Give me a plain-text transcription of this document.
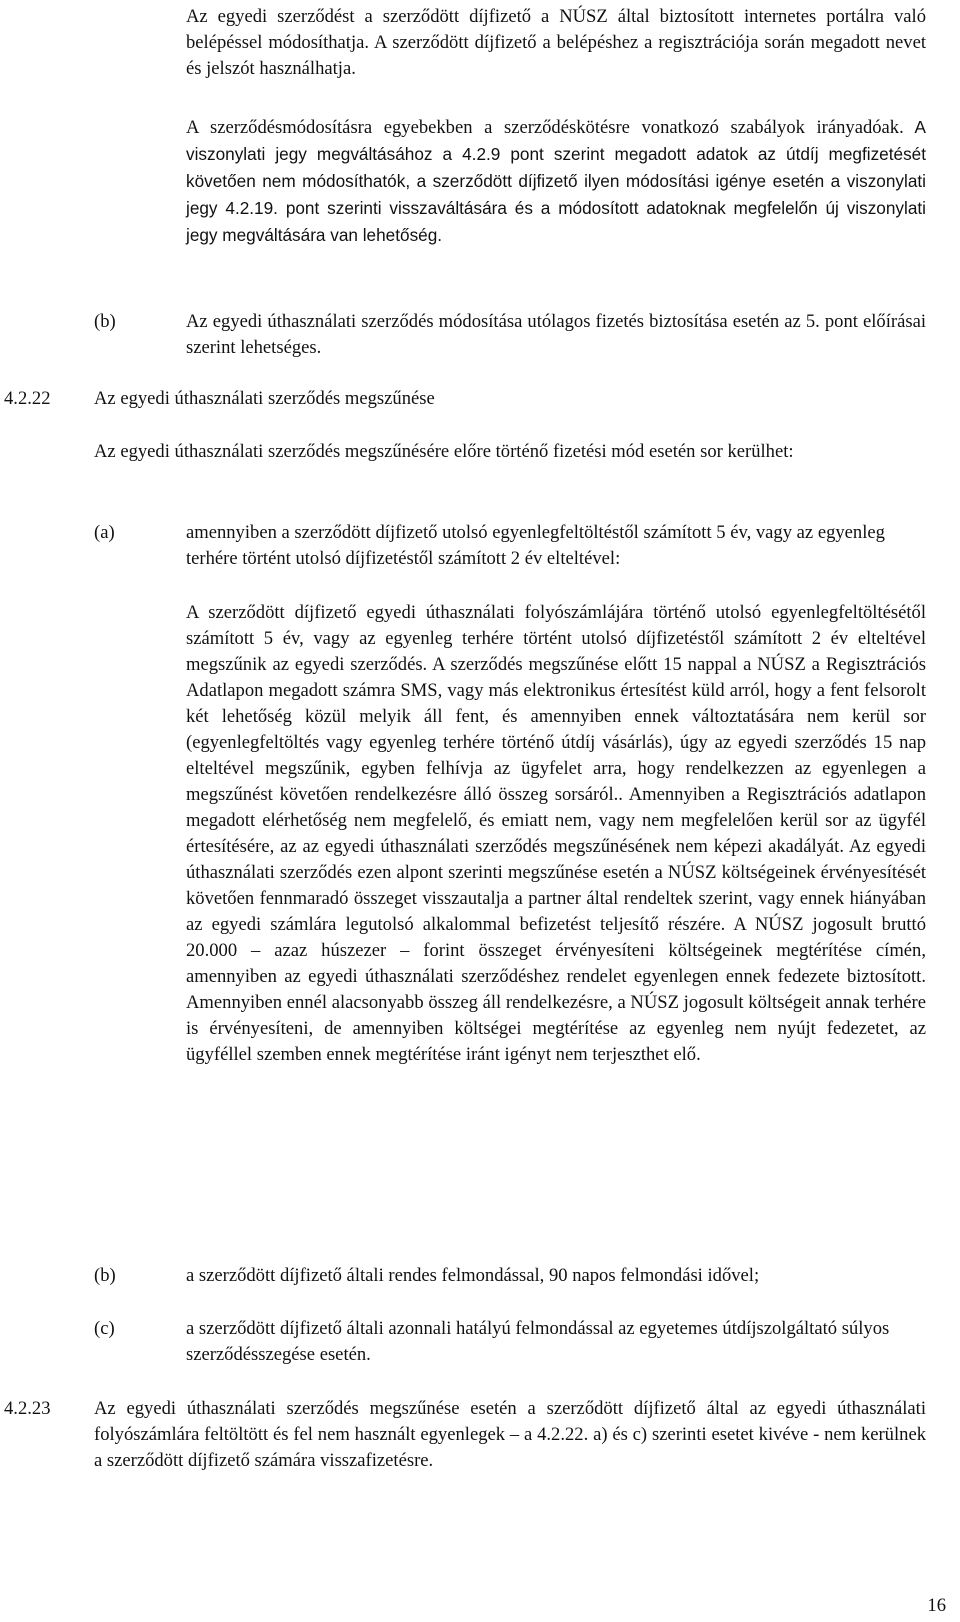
Az egyedi szerződést a szerződött díjfizető a NÚSZ által biztosított internetes portálra való belépéssel módosíthatja. A szerződött díjfizető a belépéshez a regisztrációja során megadott nevet és jelszót használhatja.

A szerződésmódosításra egyebekben a szerződéskötésre vonatkozó szabályok irányadóak. A viszonylati jegy megváltásához a 4.2.9 pont szerint megadott adatok az útdíj megfizetését követően nem módosíthatók, a szerződött díjfizető ilyen módosítási igénye esetén a viszonylati jegy 4.2.19. pont szerinti visszaváltására és a módosított adatoknak megfelelőn új viszonylati jegy megváltására van lehetőség.

(b)	Az egyedi úthasználati szerződés módosítása utólagos fizetés biztosítása esetén az 5. pont előírásai szerint lehetséges.

4.2.22 Az egyedi úthasználati szerződés megszűnése

Az egyedi úthasználati szerződés megszűnésére előre történő fizetési mód esetén sor kerülhet:

(a)	amennyiben a szerződött díjfizető utolsó egyenlegfeltöltéstől számított 5 év, vagy az egyenleg terhére történt utolsó díjfizetéstől számított 2 év elteltével:

A szerződött díjfizető egyedi úthasználati folyószámlájára történő utolsó egyenlegfeltöltésétől számított 5 év, vagy az egyenleg terhére történt utolsó díjfizetéstől számított 2 év elteltével megszűnik az egyedi szerződés. A szerződés megszűnése előtt 15 nappal a NÚSZ a Regisztrációs Adatlapon megadott számra SMS, vagy más elektronikus értesítést küld arról, hogy a fent felsorolt két lehetőség közül melyik áll fent, és amennyiben ennek változtatására nem kerül sor (egyenlegfeltöltés vagy egyenleg terhére történő útdíj vásárlás), úgy az egyedi szerződés 15 nap elteltével megszűnik, egyben felhívja az ügyfelet arra, hogy rendelkezzen az egyenlegen a megszűnést követően rendelkezésre álló összeg sorsáról.. Amennyiben a Regisztrációs adatlapon megadott elérhetőség nem megfelelő, és emiatt nem, vagy nem megfelelően kerül sor az ügyfél értesítésére, az az egyedi úthasználati szerződés megszűnésének nem képezi akadályát. Az egyedi úthasználati szerződés ezen alpont szerinti megszűnése esetén a NÚSZ költségeinek érvényesítését követően fennmaradó összeget visszautalja a partner által rendeltek szerint, vagy ennek hiányában az egyedi számlára legutolsó alkalommal befizetést teljesítő részére. A NÚSZ jogosult bruttó 20.000 – azaz húszezer – forint összeget érvényesíteni költségeinek megtérítése címén, amennyiben az egyedi úthasználati szerződéshez rendelet egyenlegen ennek fedezete biztosított. Amennyiben ennél alacsonyabb összeg áll rendelkezésre, a NÚSZ jogosult költségeit annak terhére is érvényesíteni, de amennyiben költségei megtérítése az egyenleg nem nyújt fedezetet, az ügyféllel szemben ennek megtérítése iránt igényt nem terjeszthet elő.

(b)	a szerződött díjfizető általi rendes felmondással, 90 napos felmondási idővel;

(c)	a szerződött díjfizető általi azonnali hatályú felmondással az egyetemes útdíjszolgáltató súlyos szerződésszegése esetén.

4.2.23 Az egyedi úthasználati szerződés megszűnése esetén a szerződött díjfizető által az egyedi úthasználati folyószámlára feltöltött és fel nem használt egyenlegek – a 4.2.22. a) és c) szerinti esetet kivéve - nem kerülnek a szerződött díjfizető számára visszafizetésre.

16
